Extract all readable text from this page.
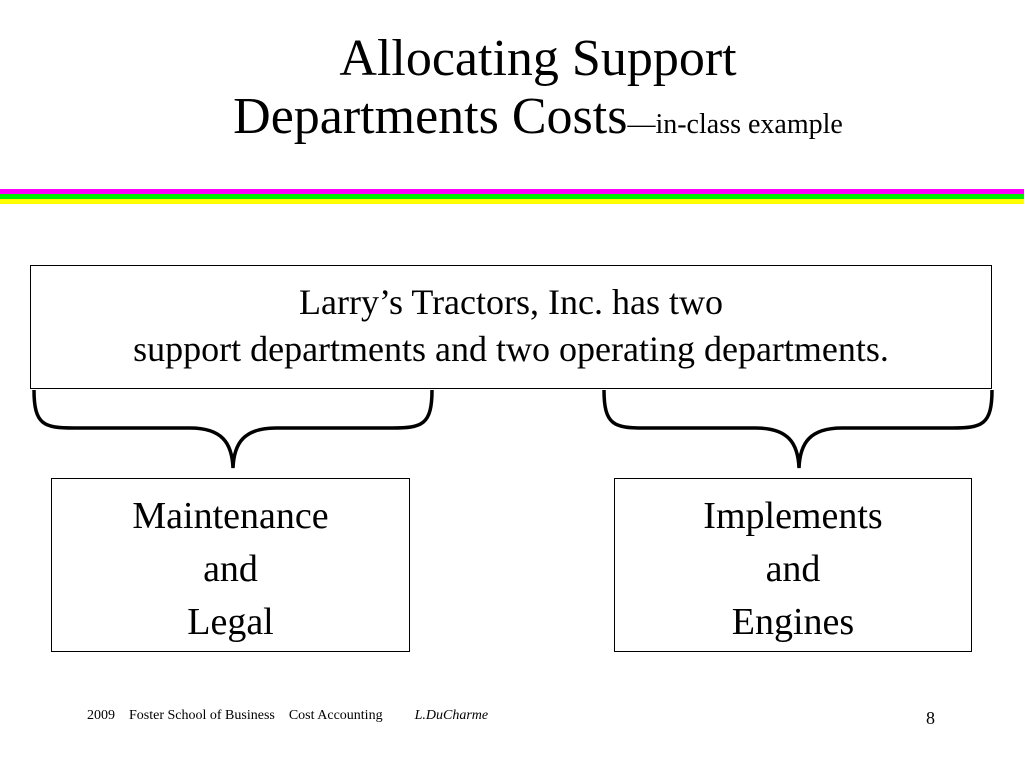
Allocating Support
Departments Costs—in-class example
Larry’s Tractors, Inc. has two
support departments and two operating departments.
Maintenance
and
Legal
Implements
and
Engines
2009 Foster School of Business Cost Accounting L.DuCharme	8
